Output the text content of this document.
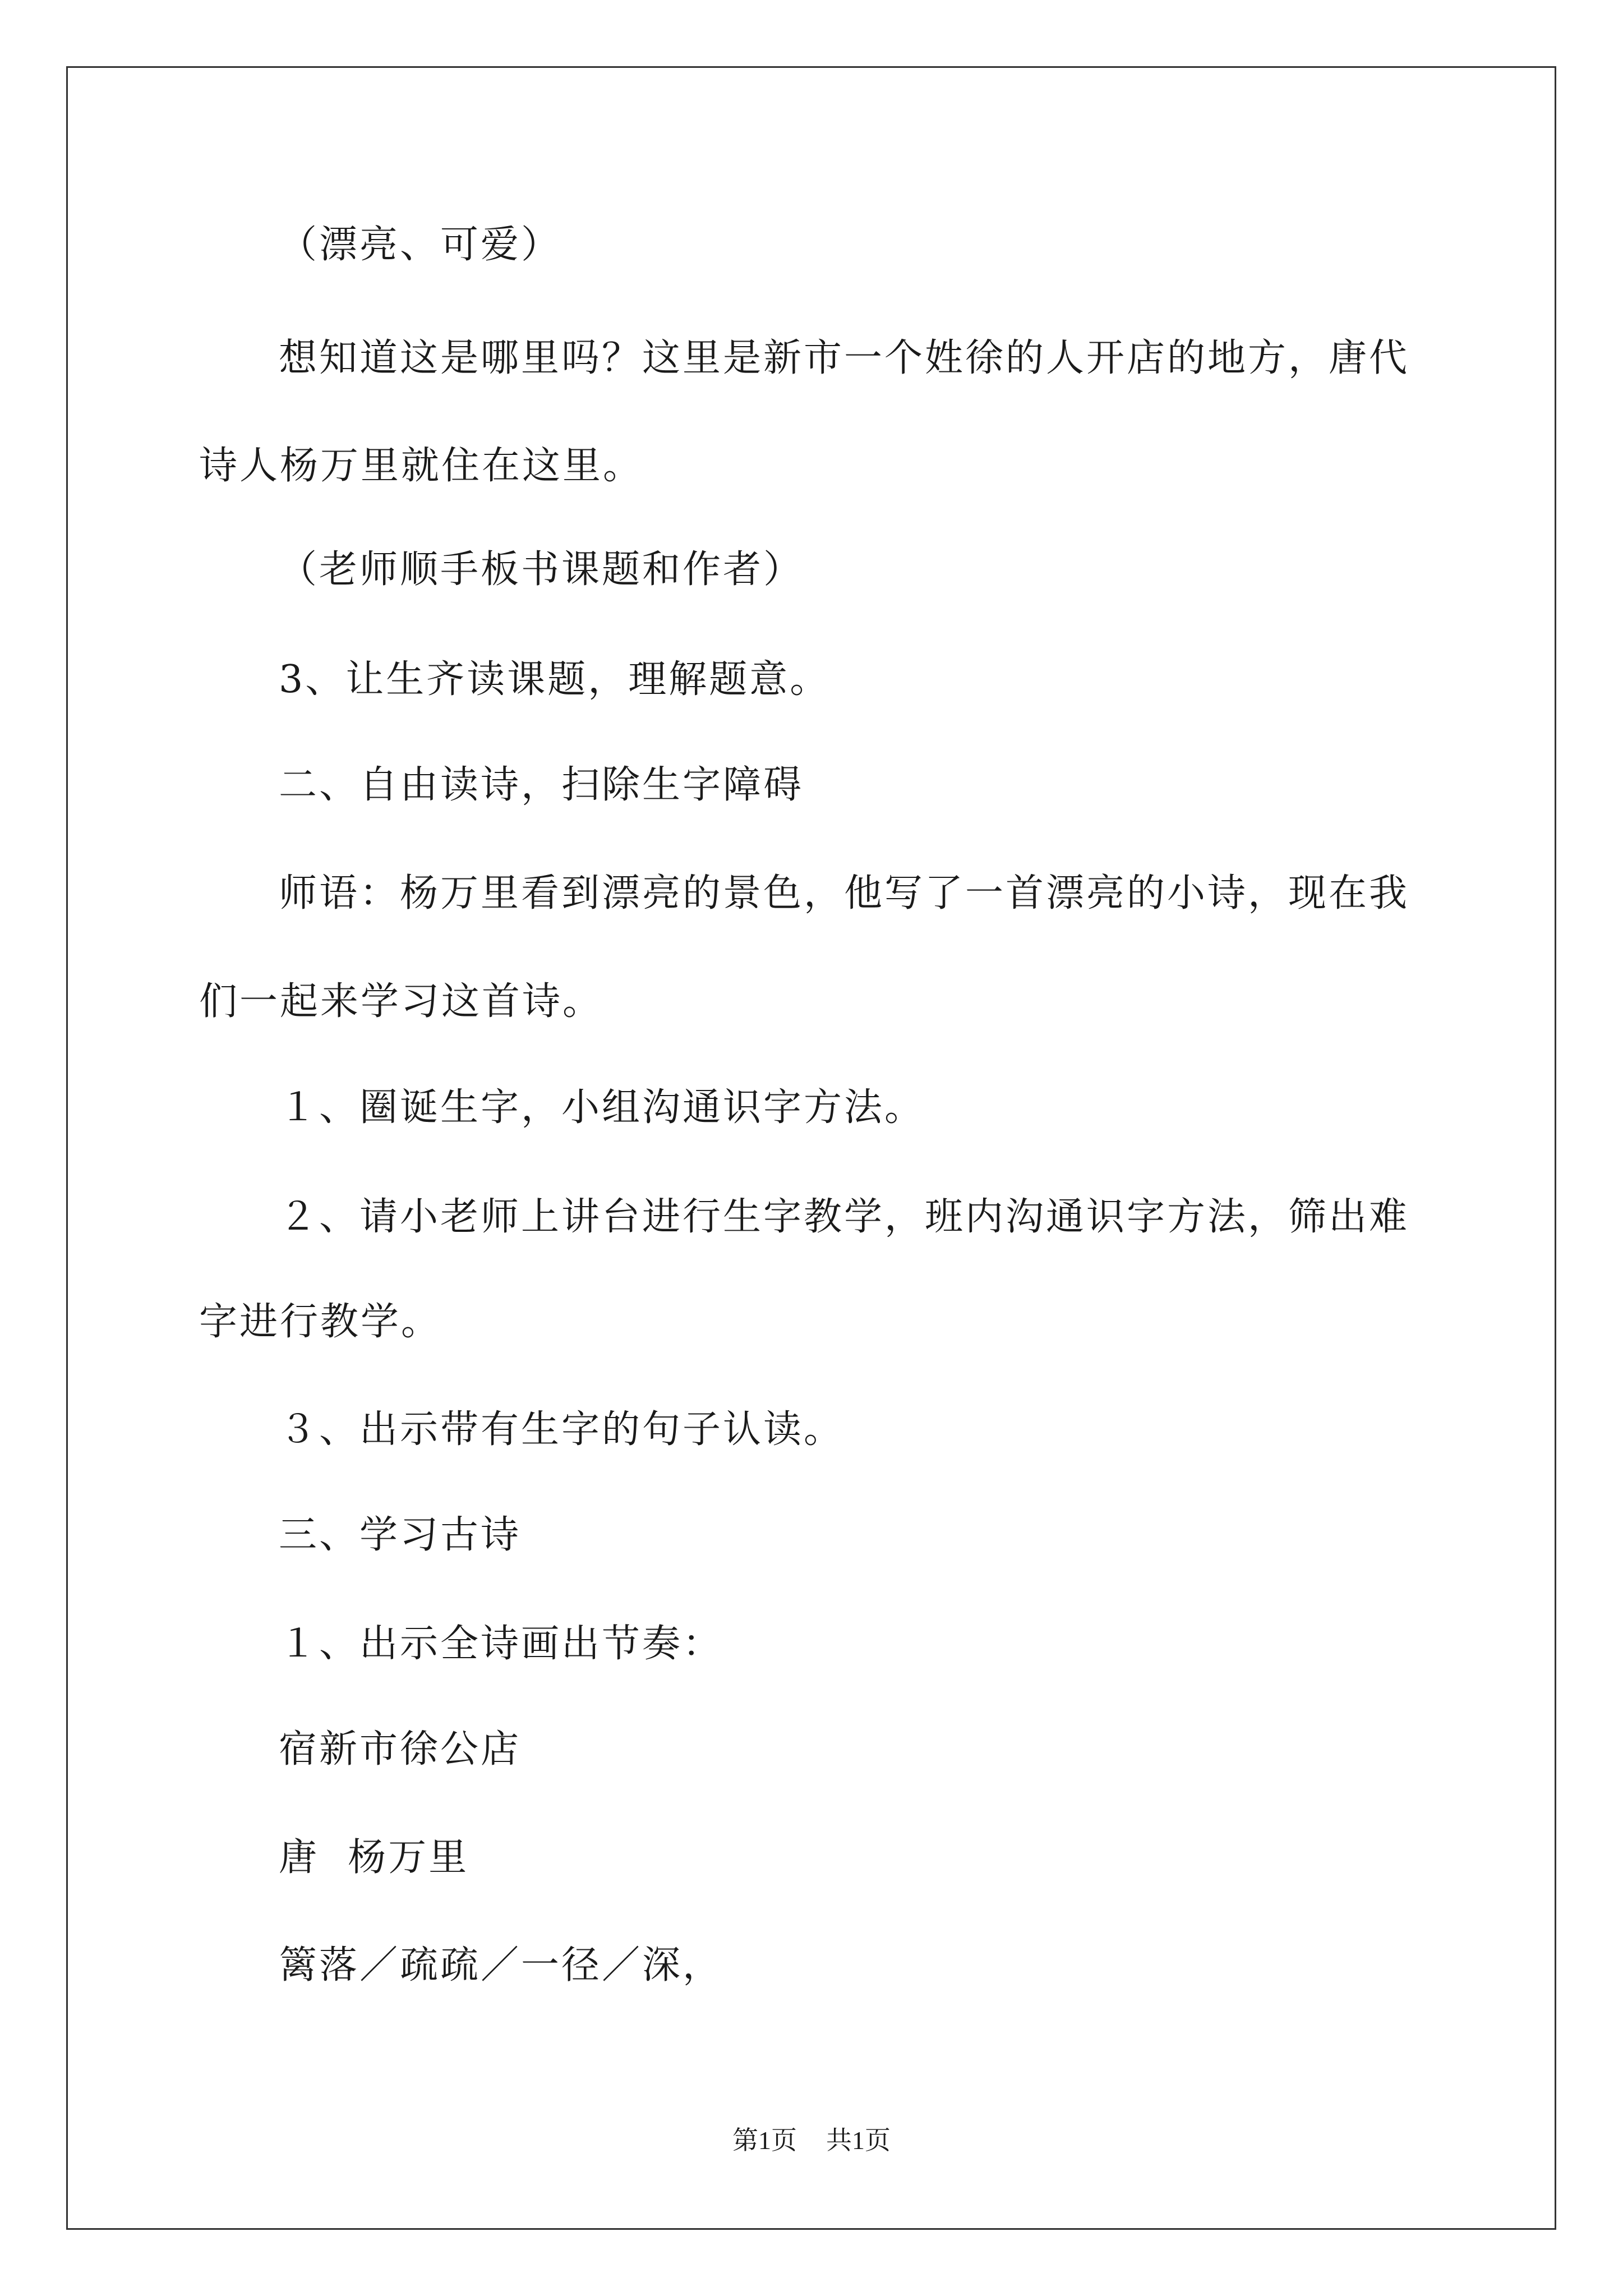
（漂亮、可爱）
想知道这是哪里吗？这里是新市一个姓徐的人开店的地方，唐代
诗人杨万里就住在这里。
（老师顺手板书课题和作者）
3、让生齐读课题，理解题意。
二、自由读诗，扫除生字障碍
师语：杨万里看到漂亮的景色，他写了一首漂亮的小诗，现在我
们一起来学习这首诗。
１、圈诞生字，小组沟通识字方法。
２、请小老师上讲台进行生字教学，班内沟通识字方法，筛出难
字进行教学。
３、出示带有生字的句子认读。
三、学习古诗
１、出示全诗画出节奏：
宿新市徐公店
唐  杨万里
篱落／疏疏／一径／深，
第1页 共1页
